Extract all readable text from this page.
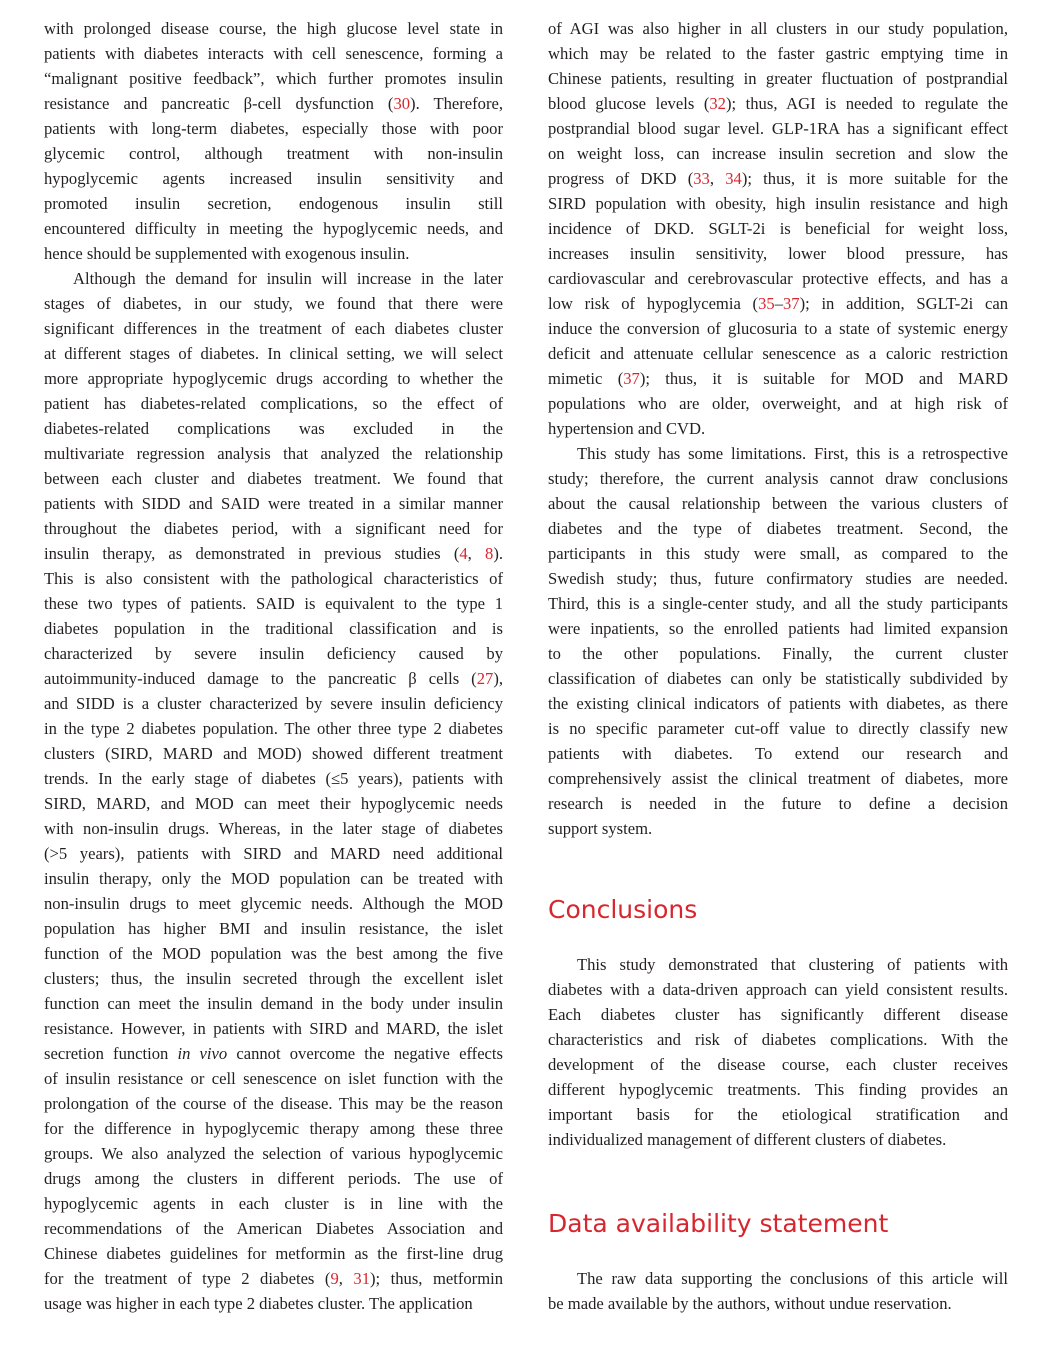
with prolonged disease course, the high glucose level state in
patients with diabetes interacts with cell senescence, forming a
“malignant positive feedback”, which further promotes insulin
resistance and pancreatic β-cell dysfunction (30). Therefore,
patients with long-term diabetes, especially those with poor
glycemic control, although treatment with non-insulin
hypoglycemic agents increased insulin sensitivity and
promoted insulin secretion, endogenous insulin still
encountered difficulty in meeting the hypoglycemic needs, and
hence should be supplemented with exogenous insulin.
Although the demand for insulin will increase in the later
stages of diabetes, in our study, we found that there were
significant differences in the treatment of each diabetes cluster
at different stages of diabetes. In clinical setting, we will select
more appropriate hypoglycemic drugs according to whether the
patient has diabetes-related complications, so the effect of
diabetes-related complications was excluded in the
multivariate regression analysis that analyzed the relationship
between each cluster and diabetes treatment. We found that
patients with SIDD and SAID were treated in a similar manner
throughout the diabetes period, with a significant need for
insulin therapy, as demonstrated in previous studies (4, 8).
This is also consistent with the pathological characteristics of
these two types of patients. SAID is equivalent to the type 1
diabetes population in the traditional classification and is
characterized by severe insulin deficiency caused by
autoimmunity-induced damage to the pancreatic β cells (27),
and SIDD is a cluster characterized by severe insulin deficiency
in the type 2 diabetes population. The other three type 2 diabetes
clusters (SIRD, MARD and MOD) showed different treatment
trends. In the early stage of diabetes (≤5 years), patients with
SIRD, MARD, and MOD can meet their hypoglycemic needs
with non-insulin drugs. Whereas, in the later stage of diabetes
(>5 years), patients with SIRD and MARD need additional
insulin therapy, only the MOD population can be treated with
non-insulin drugs to meet glycemic needs. Although the MOD
population has higher BMI and insulin resistance, the islet
function of the MOD population was the best among the five
clusters; thus, the insulin secreted through the excellent islet
function can meet the insulin demand in the body under insulin
resistance. However, in patients with SIRD and MARD, the islet
secretion function in vivo cannot overcome the negative effects
of insulin resistance or cell senescence on islet function with the
prolongation of the course of the disease. This may be the reason
for the difference in hypoglycemic therapy among these three
groups. We also analyzed the selection of various hypoglycemic
drugs among the clusters in different periods. The use of
hypoglycemic agents in each cluster is in line with the
recommendations of the American Diabetes Association and
Chinese diabetes guidelines for metformin as the first-line drug
for the treatment of type 2 diabetes (9, 31); thus, metformin
usage was higher in each type 2 diabetes cluster. The application
of AGI was also higher in all clusters in our study population,
which may be related to the faster gastric emptying time in
Chinese patients, resulting in greater fluctuation of postprandial
blood glucose levels (32); thus, AGI is needed to regulate the
postprandial blood sugar level. GLP-1RA has a significant effect
on weight loss, can increase insulin secretion and slow the
progress of DKD (33, 34); thus, it is more suitable for the
SIRD population with obesity, high insulin resistance and high
incidence of DKD. SGLT-2i is beneficial for weight loss,
increases insulin sensitivity, lower blood pressure, has
cardiovascular and cerebrovascular protective effects, and has a
low risk of hypoglycemia (35–37); in addition, SGLT-2i can
induce the conversion of glucosuria to a state of systemic energy
deficit and attenuate cellular senescence as a caloric restriction
mimetic (37); thus, it is suitable for MOD and MARD
populations who are older, overweight, and at high risk of
hypertension and CVD.
This study has some limitations. First, this is a retrospective
study; therefore, the current analysis cannot draw conclusions
about the causal relationship between the various clusters of
diabetes and the type of diabetes treatment. Second, the
participants in this study were small, as compared to the
Swedish study; thus, future confirmatory studies are needed.
Third, this is a single-center study, and all the study participants
were inpatients, so the enrolled patients had limited expansion
to the other populations. Finally, the current cluster
classification of diabetes can only be statistically subdivided by
the existing clinical indicators of patients with diabetes, as there
is no specific parameter cut-off value to directly classify new
patients with diabetes. To extend our research and
comprehensively assist the clinical treatment of diabetes, more
research is needed in the future to define a decision
support system.
Conclusions
This study demonstrated that clustering of patients with
diabetes with a data-driven approach can yield consistent results.
Each diabetes cluster has significantly different disease
characteristics and risk of diabetes complications. With the
development of the disease course, each cluster receives
different hypoglycemic treatments. This finding provides an
important basis for the etiological stratification and
individualized management of different clusters of diabetes.
Data availability statement
The raw data supporting the conclusions of this article will
be made available by the authors, without undue reservation.
